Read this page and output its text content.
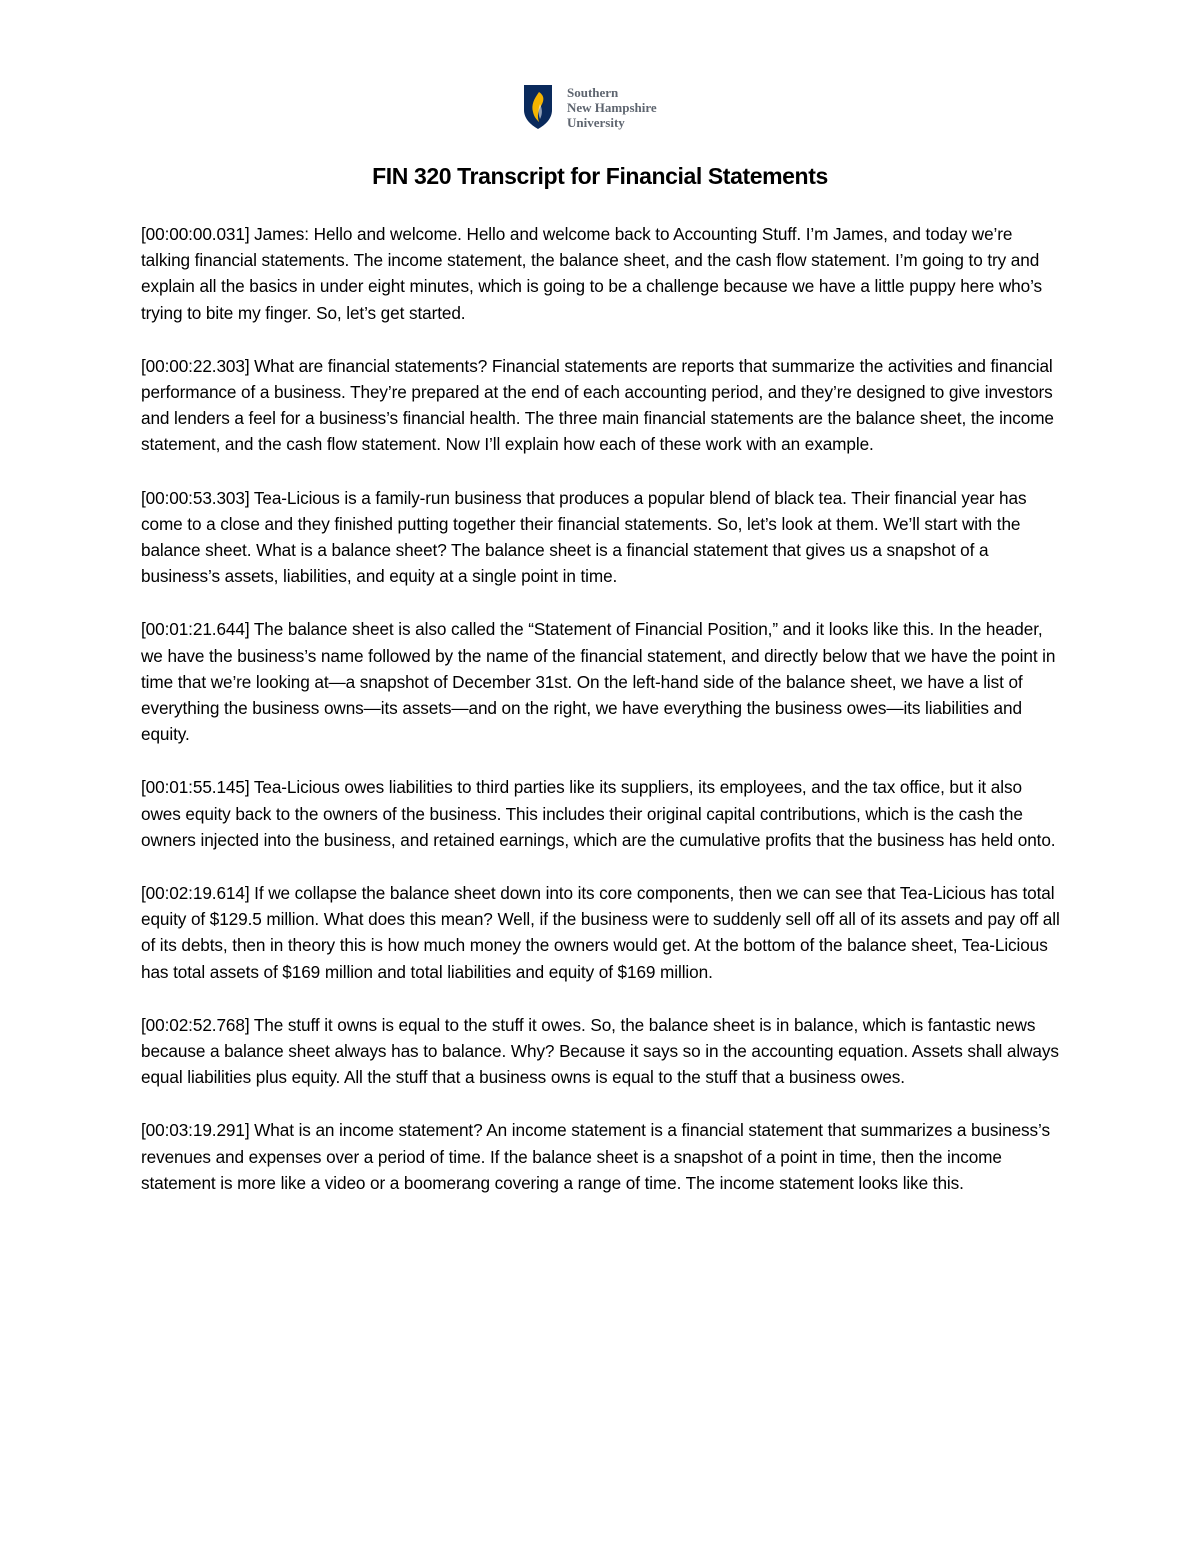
Southern
New Hampshire
University
FIN 320 Transcript for Financial Statements

[00:00:00.031] James: Hello and welcome. Hello and welcome back to Accounting Stuff. I’m James, and today we’re talking financial statements. The income statement, the balance sheet, and the cash flow statement. I’m going to try and explain all the basics in under eight minutes, which is going to be a challenge because we have a little puppy here who’s trying to bite my finger. So, let’s get started.

[00:00:22.303] What are financial statements? Financial statements are reports that summarize the activities and financial performance of a business. They’re prepared at the end of each accounting period, and they’re designed to give investors and lenders a feel for a business’s financial health. The three main financial statements are the balance sheet, the income statement, and the cash flow statement. Now I’ll explain how each of these work with an example.

[00:00:53.303] Tea-Licious is a family-run business that produces a popular blend of black tea. Their financial year has come to a close and they finished putting together their financial statements. So, let’s look at them. We’ll start with the balance sheet. What is a balance sheet? The balance sheet is a financial statement that gives us a snapshot of a business’s assets, liabilities, and equity at a single point in time.

[00:01:21.644] The balance sheet is also called the “Statement of Financial Position,” and it looks like this. In the header, we have the business’s name followed by the name of the financial statement, and directly below that we have the point in time that we’re looking at—a snapshot of December 31st. On the left-hand side of the balance sheet, we have a list of everything the business owns—its assets—and on the right, we have everything the business owes—its liabilities and equity.

[00:01:55.145] Tea-Licious owes liabilities to third parties like its suppliers, its employees, and the tax office, but it also owes equity back to the owners of the business. This includes their original capital contributions, which is the cash the owners injected into the business, and retained earnings, which are the cumulative profits that the business has held onto.

[00:02:19.614] If we collapse the balance sheet down into its core components, then we can see that Tea-Licious has total equity of $129.5 million. What does this mean? Well, if the business were to suddenly sell off all of its assets and pay off all of its debts, then in theory this is how much money the owners would get. At the bottom of the balance sheet, Tea-Licious has total assets of $169 million and total liabilities and equity of $169 million.

[00:02:52.768] The stuff it owns is equal to the stuff it owes. So, the balance sheet is in balance, which is fantastic news because a balance sheet always has to balance. Why? Because it says so in the accounting equation. Assets shall always equal liabilities plus equity. All the stuff that a business owns is equal to the stuff that a business owes.

[00:03:19.291] What is an income statement? An income statement is a financial statement that summarizes a business’s revenues and expenses over a period of time. If the balance sheet is a snapshot of a point in time, then the income statement is more like a video or a boomerang covering a range of time. The income statement looks like this.
